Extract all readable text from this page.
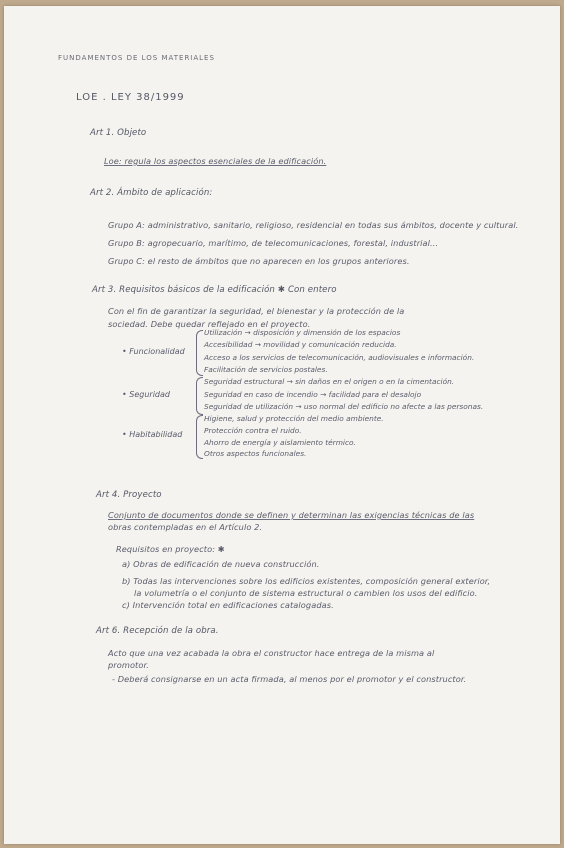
FUNDAMENTOS DE LOS MATERIALES
LOE . LEY 38/1999
Art 1. Objeto
Loe: regula los aspectos esenciales de la edificación.
Art 2. Ámbito de aplicación:
Grupo A: administrativo, sanitario, religioso, residencial en todas sus ámbitos, docente y cultural.
Grupo B: agropecuario, marítimo, de telecomunicaciones, forestal, industrial...
Grupo C: el resto de ámbitos que no aparecen en los grupos anteriores.
Art 3. Requisitos básicos de la edificación ✱ Con entero
Con el fin de garantizar la seguridad, el bienestar y la protección de la
sociedad. Debe quedar reflejado en el proyecto.
• Funcionalidad
Utilización → disposición y dimensión de los espacios
Accesibilidad → movilidad y comunicación reducida.
Acceso a los servicios de telecomunicación, audiovisuales e información.
Facilitación de servicios postales.
• Seguridad
Seguridad estructural → sin daños en el origen o en la cimentación.
Seguridad en caso de incendio → facilidad para el desalojo
Seguridad de utilización → uso normal del edificio no afecte a las personas.
• Habitabilidad
Higiene, salud y protección del medio ambiente.
Protección contra el ruido.
Ahorro de energía y aislamiento térmico.
Otros aspectos funcionales.
Art 4. Proyecto
Conjunto de documentos donde se definen y determinan las exigencias técnicas de las
obras contempladas en el Artículo 2.
Requisitos en proyecto: ✱
a) Obras de edificación de nueva construcción.
b) Todas las intervenciones sobre los edificios existentes, composición general exterior,
la volumetría o el conjunto de sistema estructural o cambien los usos del edificio.
c) Intervención total en edificaciones catalogadas.
Art 6. Recepción de la obra.
Acto que una vez acabada la obra el constructor hace entrega de la misma al
promotor.
- Deberá consignarse en un acta firmada, al menos por el promotor y el constructor.
